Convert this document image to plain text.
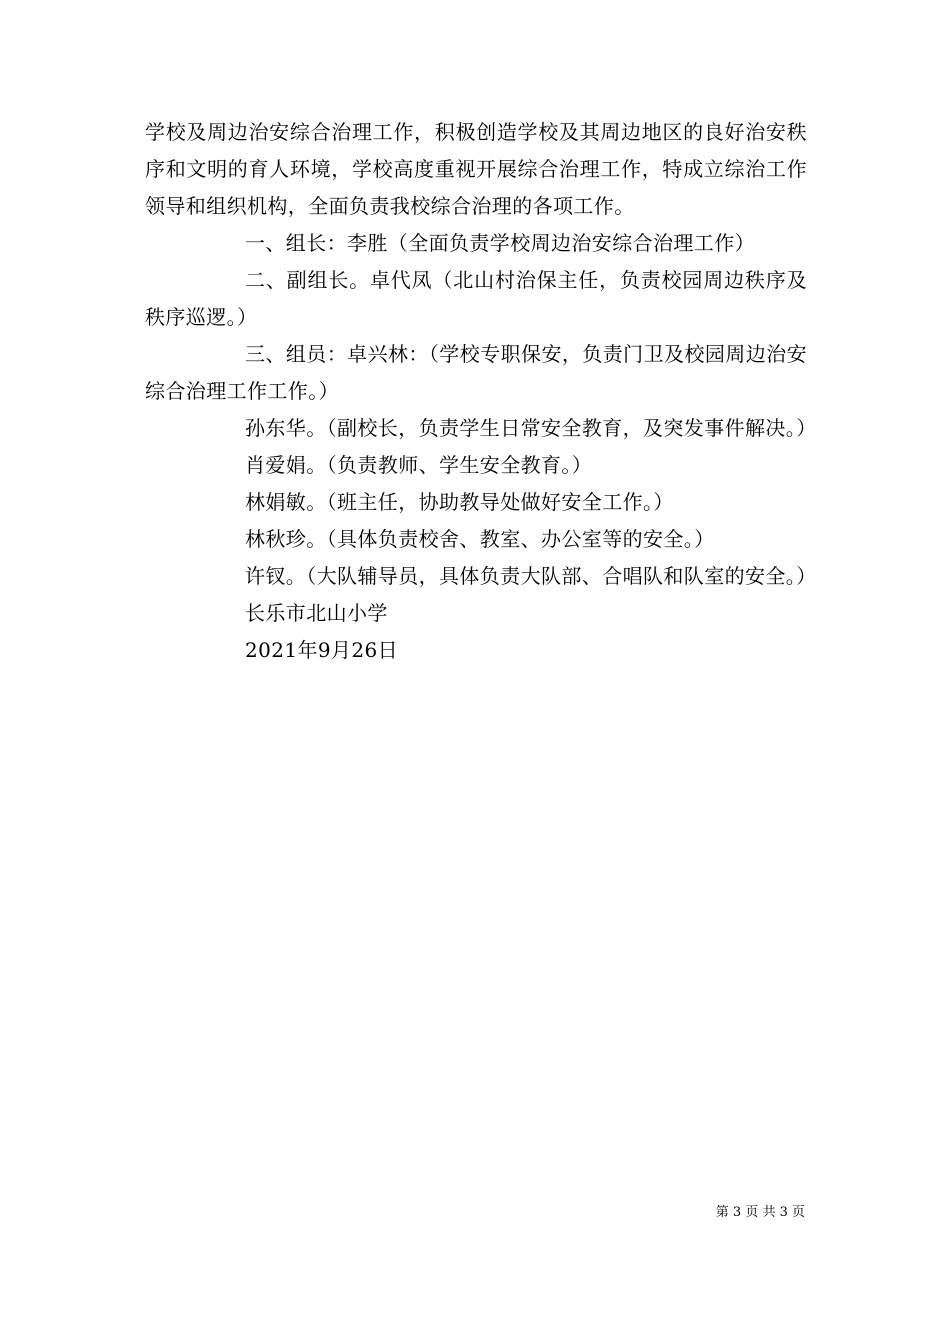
学校及周边治安综合治理工作，积极创造学校及其周边地区的良好治安秩序和文明的育人环境，学校高度重视开展综合治理工作，特成立综治工作领导和组织机构，全面负责我校综合治理的各项工作。

一、组长：李胜（全面负责学校周边治安综合治理工作）

二、副组长。卓代凤（北山村治保主任，负责校园周边秩序及秩序巡逻。）

三、组员：卓兴林：（学校专职保安，负责门卫及校园周边治安综合治理工作工作。）

孙东华。（副校长，负责学生日常安全教育，及突发事件解决。）

肖爱娟。（负责教师、学生安全教育。）

林娟敏。（班主任，协助教导处做好安全工作。）

林秋珍。（具体负责校舍、教室、办公室等的安全。）

许钗。（大队辅导员，具体负责大队部、合唱队和队室的安全。）

长乐市北山小学

2021年9月26日

第 3 页 共 3 页
